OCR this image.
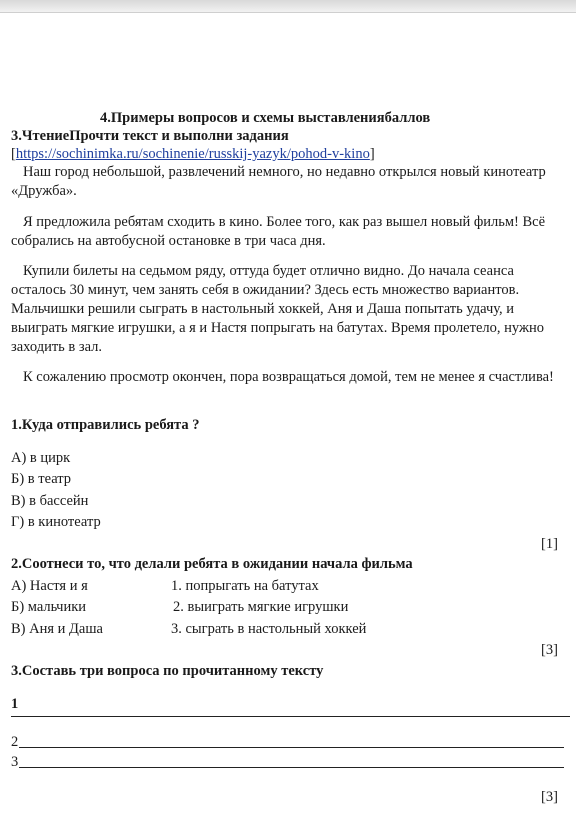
4.Примеры вопросов и схемы выставлениябаллов
3.ЧтениеПрочти текст и выполни задания
[https://sochinimka.ru/sochinenie/russkij-yazyk/pohod-v-kino]
Наш город небольшой, развлечений немного, но недавно открылся новый кинотеатр «Дружба».
Я предложила ребятам сходить в кино. Более того, как раз вышел новый фильм! Всё собрались на автобусной остановке в три часа дня.
Купили билеты на седьмом ряду, оттуда будет отлично видно. До начала сеанса осталось 30 минут, чем занять себя в ожидании? Здесь есть множество вариантов. Мальчишки решили сыграть в настольный хоккей, Аня и Даша попытать удачу, и выиграть мягкие игрушки, а я и Настя попрыгать на батутах. Время пролетело, нужно заходить в зал.
К сожалению просмотр окончен, пора возвращаться домой, тем не менее я счастлива!
1.Куда отправились ребята ?
А) в цирк
Б) в театр
В) в бассейн
Г) в кинотеатр
[1]
2.Соотнеси то, что делали ребята в ожидании начала фильма
А) Настя и я
Б) мальчики
В) Аня и Даша
1. попрыгать на батутах
2. выиграть мягкие игрушки
3. сыграть в настольный хоккей
[3]
3.Составь три вопроса по прочитанному тексту
1
2
3
[3]
